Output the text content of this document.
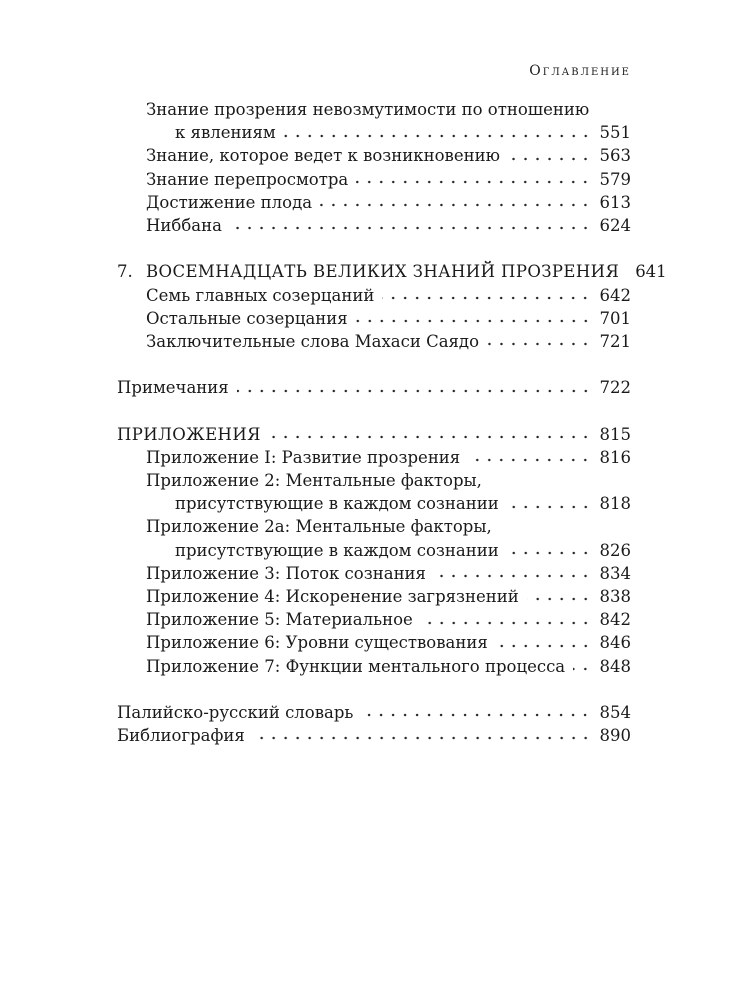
Оглавление
Знание прозрения невозмутимости по отношению
к явлениям	551
Знание, которое ведет к возникновению	563
Знание перепросмотра	579
Достижение плода	613
Ниббана	624
7. ВОСЕМНАДЦАТЬ ВЕЛИКИХ ЗНАНИЙ ПРОЗРЕНИЯ 641
Семь главных созерцаний	642
Остальные созерцания	701
Заключительные слова Махаси Саядо	721
Примечания	722
ПРИЛОЖЕНИЯ	815
Приложение I: Развитие прозрения	816
Приложение 2: Ментальные факторы,
присутствующие в каждом сознании	818
Приложение 2а: Ментальные факторы,
присутствующие в каждом сознании	826
Приложение 3: Поток сознания	834
Приложение 4: Искоренение загрязнений	838
Приложение 5: Материальное	842
Приложение 6: Уровни существования	846
Приложение 7: Функции ментального процесса 848
Палийско-русский словарь	854
Библиография	890
